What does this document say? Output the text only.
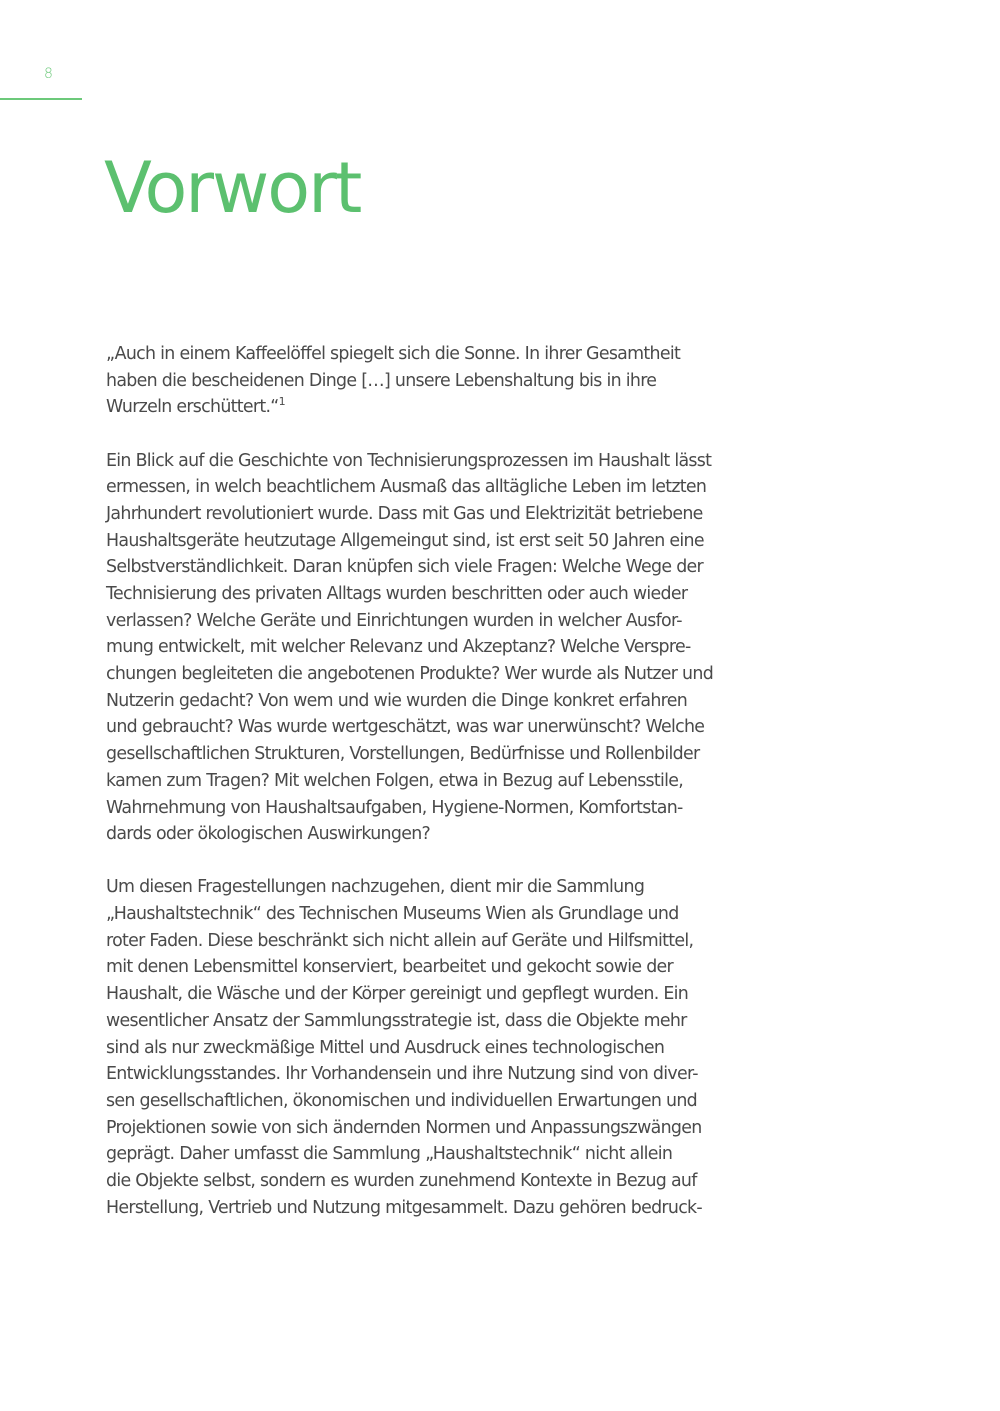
8
Vorwort
„Auch in einem Kaffeelöffel spiegelt sich die Sonne. In ihrer Gesamtheit
haben die bescheidenen Dinge […] unsere Lebenshaltung bis in ihre
Wurzeln erschüttert.“$^1$
Ein Blick auf die Geschichte von Technisierungsprozessen im Haushalt lässt
ermessen, in welch beachtlichem Ausmaß das alltägliche Leben im letzten
Jahrhundert revolutioniert wurde. Dass mit Gas und Elektrizität betriebene
Haushaltsgeräte heutzutage Allgemeingut sind, ist erst seit 50 Jahren eine
Selbstverständlichkeit. Daran knüpfen sich viele Fragen: Welche Wege der
Technisierung des privaten Alltags wurden beschritten oder auch wieder
verlassen? Welche Geräte und Einrichtungen wurden in welcher Ausfor-
mung entwickelt, mit welcher Relevanz und Akzeptanz? Welche Verspre-
chungen begleiteten die angebotenen Produkte? Wer wurde als Nutzer und
Nutzerin gedacht? Von wem und wie wurden die Dinge konkret erfahren
und gebraucht? Was wurde wertgeschätzt, was war unerwünscht? Welche
gesellschaftlichen Strukturen, Vorstellungen, Bedürfnisse und Rollenbilder
kamen zum Tragen? Mit welchen Folgen, etwa in Bezug auf Lebensstile,
Wahrnehmung von Haushaltsaufgaben, Hygiene-Normen, Komfortstan-
dards oder ökologischen Auswirkungen?
Um diesen Fragestellungen nachzugehen, dient mir die Sammlung
„Haushaltstechnik“ des Technischen Museums Wien als Grundlage und
roter Faden. Diese beschränkt sich nicht allein auf Geräte und Hilfsmittel,
mit denen Lebensmittel konserviert, bearbeitet und gekocht sowie der
Haushalt, die Wäsche und der Körper gereinigt und gepflegt wurden. Ein
wesentlicher Ansatz der Sammlungsstrategie ist, dass die Objekte mehr
sind als nur zweckmäßige Mittel und Ausdruck eines technologischen
Entwicklungsstandes. Ihr Vorhandensein und ihre Nutzung sind von diver-
sen gesellschaftlichen, ökonomischen und individuellen Erwartungen und
Projektionen sowie von sich ändernden Normen und Anpassungszwängen
geprägt. Daher umfasst die Sammlung „Haushaltstechnik“ nicht allein
die Objekte selbst, sondern es wurden zunehmend Kontexte in Bezug auf
Herstellung, Vertrieb und Nutzung mitgesammelt. Dazu gehören bedruck-
